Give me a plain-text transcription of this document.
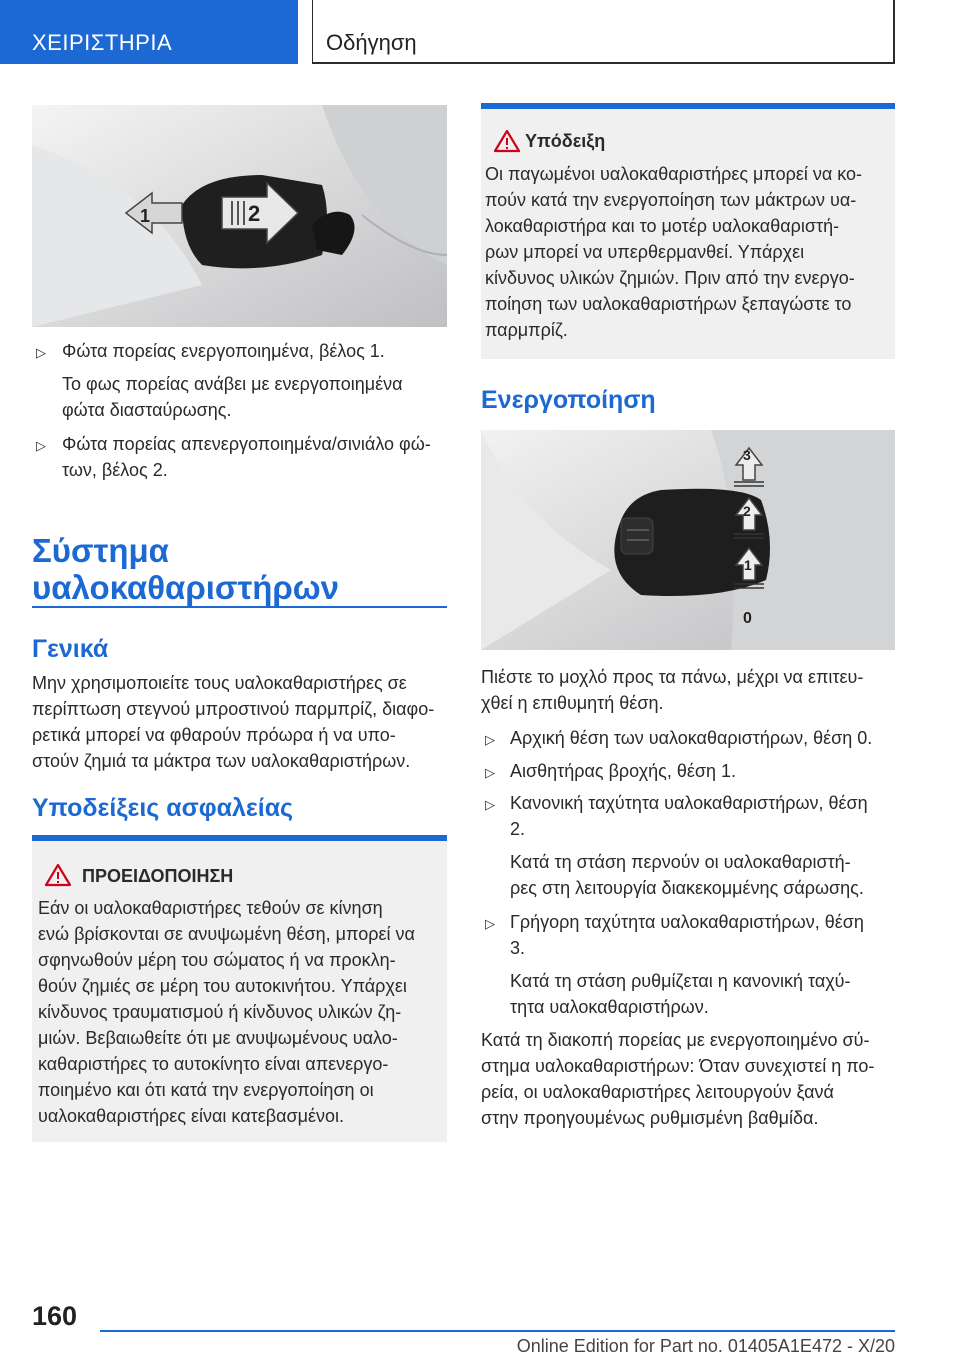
ΧΕΙΡΙΣΤΗΡΙΑ	Οδήγηση
1	2
▷ Φώτα πορείας ενεργοποιημένα, βέλος 1.
Το φως πορείας ανάβει με ενεργοποιημένα
φώτα διασταύρωσης.
▷ Φώτα πορείας απενεργοποιημένα/σινιάλο φώ-
των, βέλος 2.
Σύστημα
υαλοκαθαριστήρων
Γενικά
Μην χρησιμοποιείτε τους υαλοκαθαριστήρες σε
περίπτωση στεγνού μπροστινού παρμπρίζ, διαφο-
ρετικά μπορεί να φθαρούν πρόωρα ή να υπο-
στούν ζημιά τα μάκτρα των υαλοκαθαριστήρων.
Υποδείξεις ασφαλείας
ΠΡΟΕΙΔΟΠΟΙΗΣΗ
Εάν οι υαλοκαθαριστήρες τεθούν σε κίνηση
ενώ βρίσκονται σε ανυψωμένη θέση, μπορεί να
σφηνωθούν μέρη του σώματος ή να προκλη-
θούν ζημιές σε μέρη του αυτοκινήτου. Υπάρχει
κίνδυνος τραυματισμού ή κίνδυνος υλικών ζη-
μιών. Βεβαιωθείτε ότι με ανυψωμένους υαλο-
καθαριστήρες το αυτοκίνητο είναι απενεργο-
ποιημένο και ότι κατά την ενεργοποίηση οι
υαλοκαθαριστήρες είναι κατεβασμένοι.
Υπόδειξη
Οι παγωμένοι υαλοκαθαριστήρες μπορεί να κο-
πούν κατά την ενεργοποίηση των μάκτρων υα-
λοκαθαριστήρα και το μοτέρ υαλοκαθαριστή-
ρων μπορεί να υπερθερμανθεί. Υπάρχει
κίνδυνος υλικών ζημιών. Πριν από την ενεργο-
ποίηση των υαλοκαθαριστήρων ξεπαγώστε το
παρμπρίζ.
Ενεργοποίηση
3
2
1
0
Πιέστε το μοχλό προς τα πάνω, μέχρι να επιτευ-
χθεί η επιθυμητή θέση.
▷ Αρχική θέση των υαλοκαθαριστήρων, θέση 0.
▷ Αισθητήρας βροχής, θέση 1.
▷ Κανονική ταχύτητα υαλοκαθαριστήρων, θέση
2.
Κατά τη στάση περνούν οι υαλοκαθαριστή-
ρες στη λειτουργία διακεκομμένης σάρωσης.
▷ Γρήγορη ταχύτητα υαλοκαθαριστήρων, θέση
3.
Κατά τη στάση ρυθμίζεται η κανονική ταχύ-
τητα υαλοκαθαριστήρων.
Κατά τη διακοπή πορείας με ενεργοποιημένο σύ-
στημα υαλοκαθαριστήρων: Όταν συνεχιστεί η πο-
ρεία, οι υαλοκαθαριστήρες λειτουργούν ξανά
στην προηγουμένως ρυθμισμένη βαθμίδα.
160
Online Edition for Part no. 01405A1E472 - X/20
